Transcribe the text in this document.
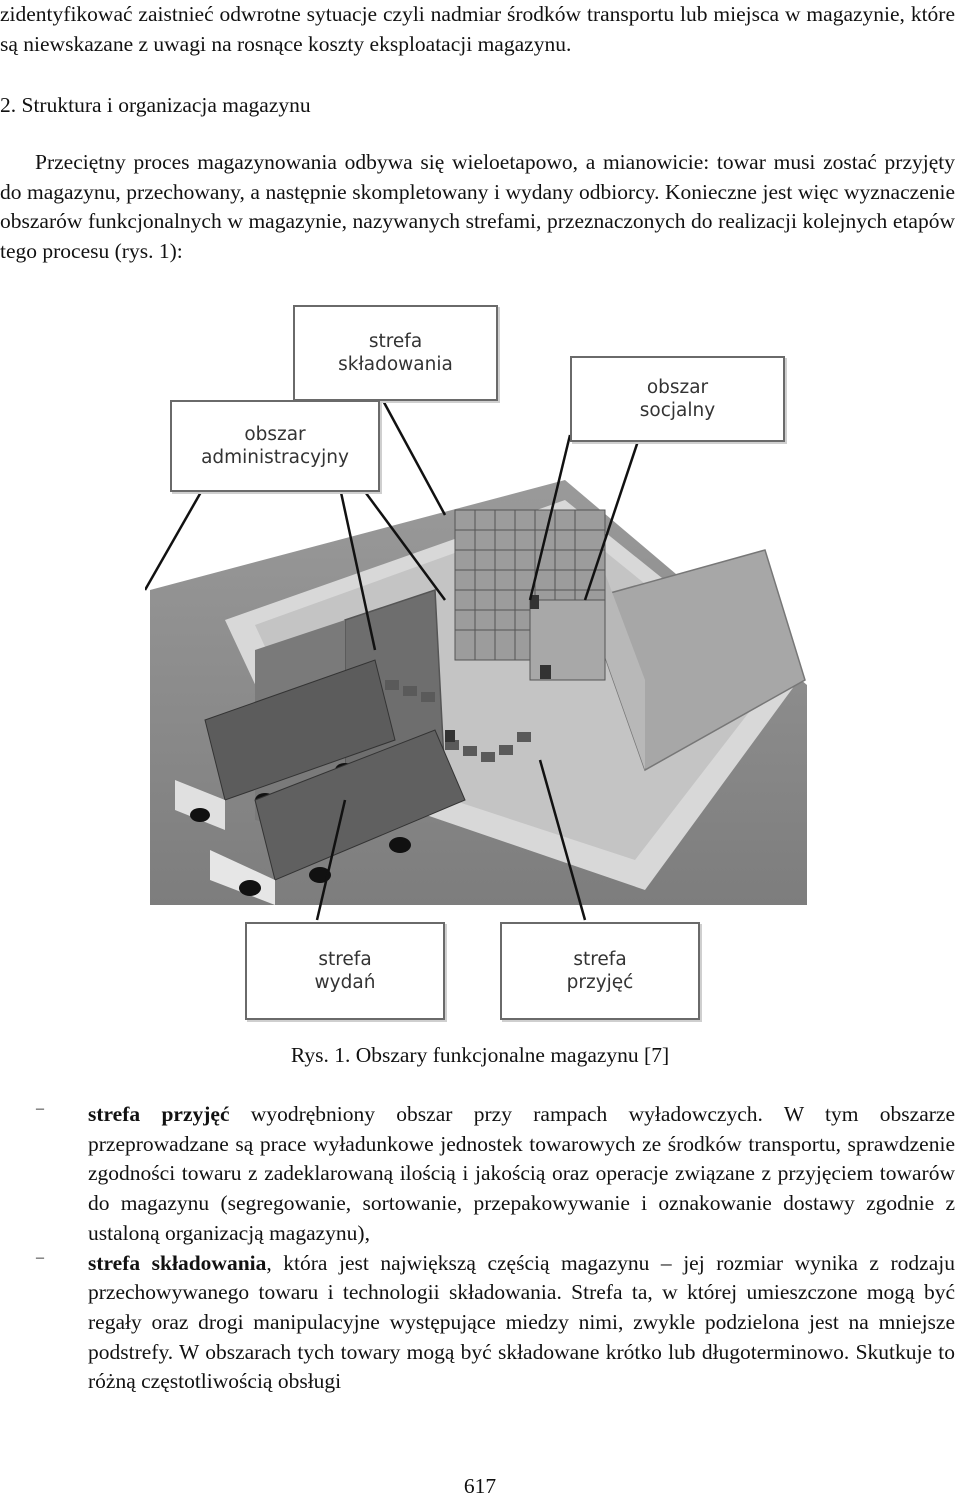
zidentyfikować zaistnieć odwrotne sytuacje czyli nadmiar środków transportu lub miejsca w magazynie, które są niewskazane z uwagi na rosnące koszty eksploatacji magazynu.

2. Struktura i organizacja magazynu

Przeciętny proces magazynowania odbywa się wieloetapowo, a mianowicie: towar musi zostać przyjęty do magazynu, przechowany, a następnie skompletowany i wydany odbiorcy. Konieczne jest więc wyznaczenie obszarów funkcjonalnych w magazynie, nazywanych strefami, przeznaczonych do realizacji kolejnych etapów tego procesu (rys. 1):

strefa
składowania
obszar
socjalny
obszar
administracyjny
strefa
wydań
strefa
przyjęć

Rys. 1. Obszary funkcjonalne magazynu [7]

– strefa przyjęć wyodrębniony obszar przy rampach wyładowczych. W tym obszarze przeprowadzane są prace wyładunkowe jednostek towarowych ze środków transportu, sprawdzenie zgodności towaru z zadeklarowaną ilością i jakością oraz operacje związane z przyjęciem towarów do magazynu (segregowanie, sortowanie, przepakowywanie i oznakowanie dostawy zgodnie z ustaloną organizacją magazynu),
– strefa składowania, która jest największą częścią magazynu – jej rozmiar wynika z rodzaju przechowywanego towaru i technologii składowania. Strefa ta, w której umieszczone mogą być regały oraz drogi manipulacyjne występujące miedzy nimi, zwykle podzielona jest na mniejsze podstrefy. W obszarach tych towary mogą być składowane krótko lub długoterminowo. Skutkuje to różną częstotliwością obsługi

617
